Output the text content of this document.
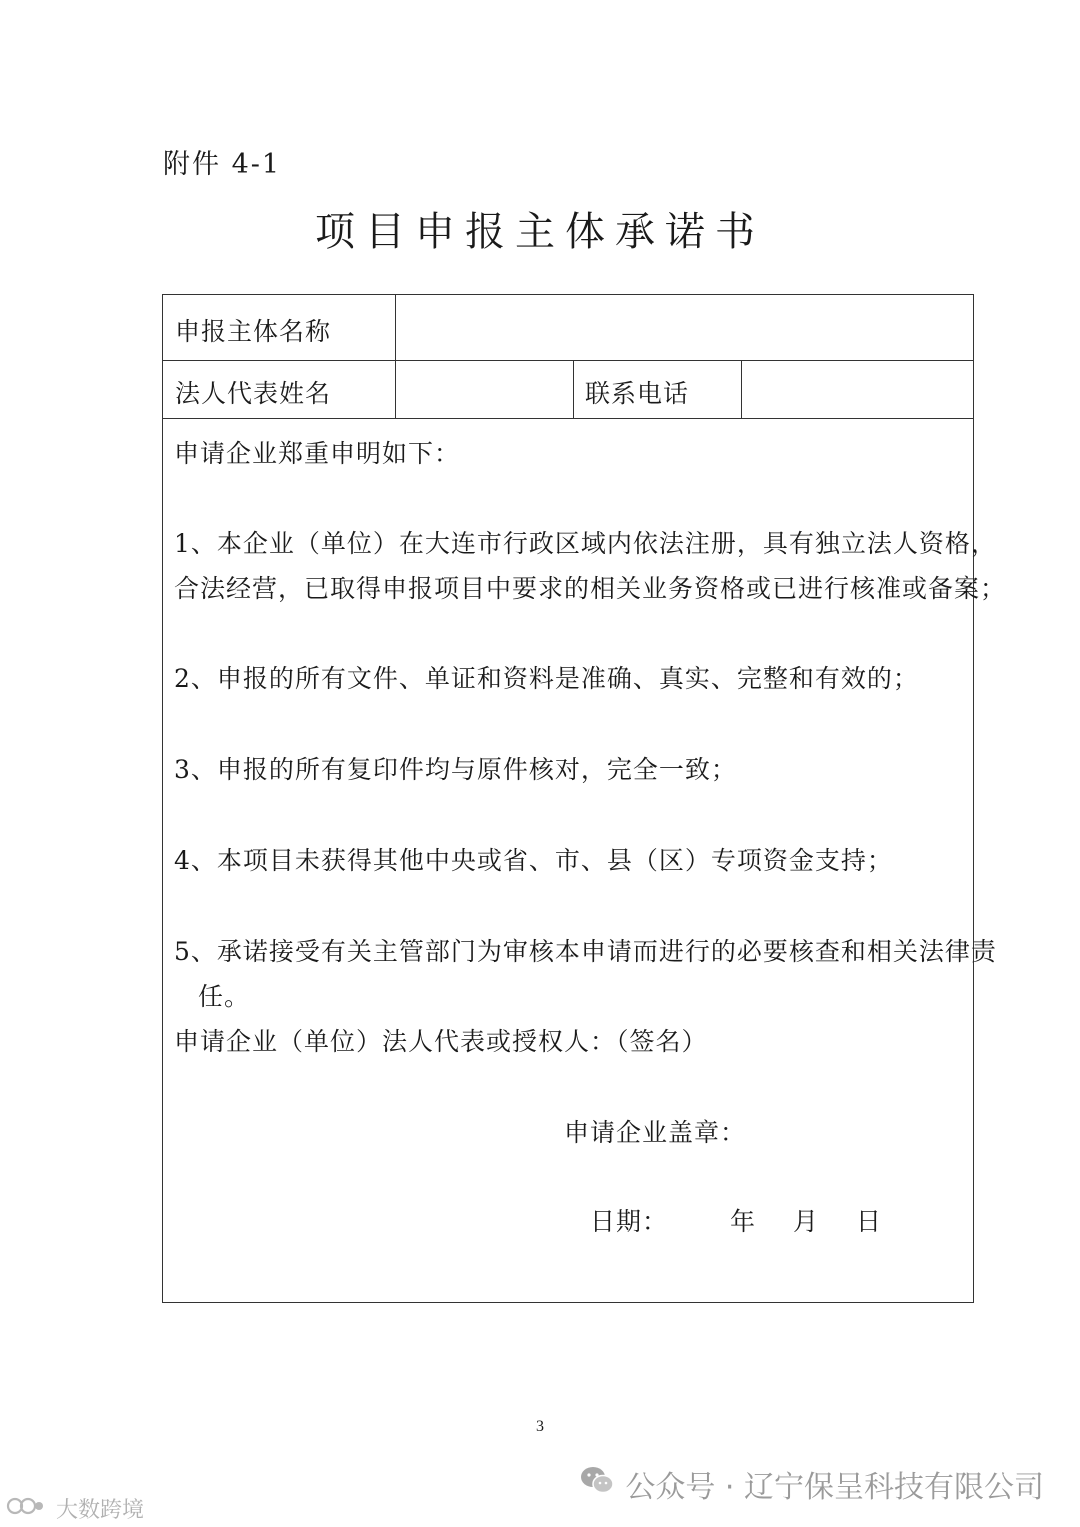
附件 4-1
项目申报主体承诺书
申报主体名称
法人代表姓名	联系电话
申请企业郑重申明如下：
1、本企业（单位）在大连市行政区域内依法注册，具有独立法人资格，
合法经营，已取得申报项目中要求的相关业务资格或已进行核准或备案；
2、申报的所有文件、单证和资料是准确、真实、完整和有效的；
3、申报的所有复印件均与原件核对，完全一致；
4、本项目未获得其他中央或省、市、县（区）专项资金支持；
5、承诺接受有关主管部门为审核本申请而进行的必要核查和相关法律责
任。
申请企业（单位）法人代表或授权人：（签名）
申请企业盖章：
日期： 年 月 日
3
公众号 · 辽宁保呈科技有限公司
大数跨境
